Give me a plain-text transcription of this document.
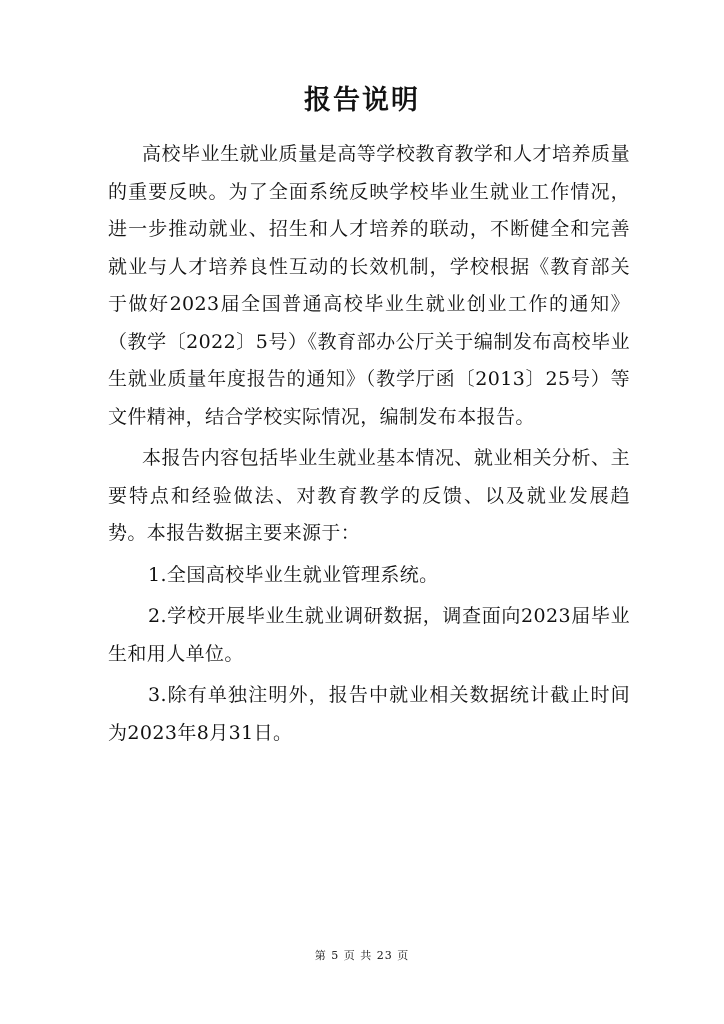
报告说明

高校毕业生就业质量是高等学校教育教学和人才培养质量的重要反映。为了全面系统反映学校毕业生就业工作情况，进一步推动就业、招生和人才培养的联动，不断健全和完善就业与人才培养良性互动的长效机制，学校根据《教育部关于做好2023届全国普通高校毕业生就业创业工作的通知》（教学〔2022〕5号）《教育部办公厅关于编制发布高校毕业生就业质量年度报告的通知》（教学厅函〔2013〕25号）等文件精神，结合学校实际情况，编制发布本报告。

本报告内容包括毕业生就业基本情况、就业相关分析、主要特点和经验做法、对教育教学的反馈、以及就业发展趋势。本报告数据主要来源于：

1.全国高校毕业生就业管理系统。

2.学校开展毕业生就业调研数据，调查面向2023届毕业生和用人单位。

3.除有单独注明外，报告中就业相关数据统计截止时间为2023年8月31日。

第 5 页 共 23 页
